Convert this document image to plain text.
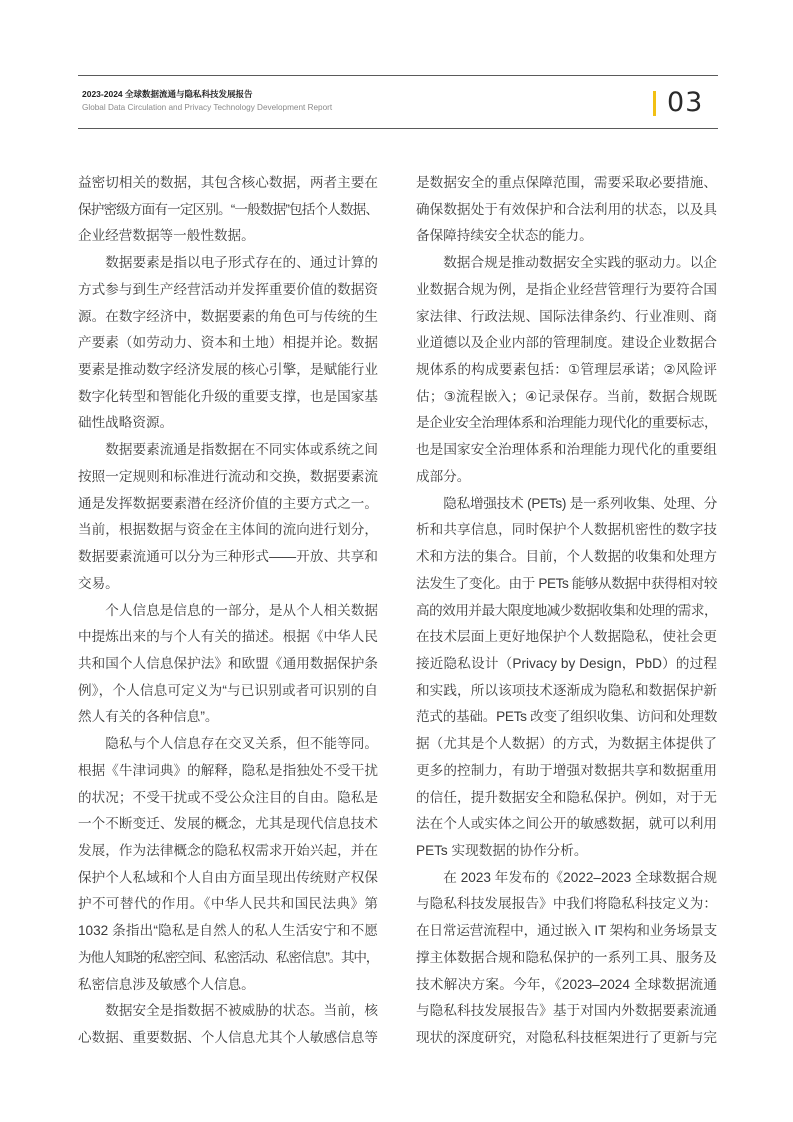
2023-2024 全球数据流通与隐私科技发展报告
Global Data Circulation and Privacy Technology Development Report	03
益密切相关的数据，其包含核心数据，两者主要在
保护密级方面有一定区别。“一般数据”包括个人数据、
企业经营数据等一般性数据。
数据要素是指以电子形式存在的、通过计算的
方式参与到生产经营活动并发挥重要价值的数据资
源。在数字经济中，数据要素的角色可与传统的生
产要素（如劳动力、资本和土地）相提并论。数据
要素是推动数字经济发展的核心引擎，是赋能行业
数字化转型和智能化升级的重要支撑，也是国家基
础性战略资源。
数据要素流通是指数据在不同实体或系统之间
按照一定规则和标准进行流动和交换，数据要素流
通是发挥数据要素潜在经济价值的主要方式之一。
当前，根据数据与资金在主体间的流向进行划分，
数据要素流通可以分为三种形式——开放、共享和
交易。
个人信息是信息的一部分，是从个人相关数据
中提炼出来的与个人有关的描述。根据《中华人民
共和国个人信息保护法》和欧盟《通用数据保护条
例》，个人信息可定义为“与已识别或者可识别的自
然人有关的各种信息”。
隐私与个人信息存在交叉关系，但不能等同。
根据《牛津词典》的解释，隐私是指独处不受干扰
的状况；不受干扰或不受公众注目的自由。隐私是
一个不断变迁、发展的概念，尤其是现代信息技术
发展，作为法律概念的隐私权需求开始兴起，并在
保护个人私域和个人自由方面呈现出传统财产权保
护不可替代的作用。《中华人民共和国民法典》第
1032 条指出“隐私是自然人的私人生活安宁和不愿
为他人知晓的私密空间、私密活动、私密信息”。其中，
私密信息涉及敏感个人信息。
数据安全是指数据不被威胁的状态。当前，核
心数据、重要数据、个人信息尤其个人敏感信息等
是数据安全的重点保障范围，需要采取必要措施、
确保数据处于有效保护和合法利用的状态，以及具
备保障持续安全状态的能力。
数据合规是推动数据安全实践的驱动力。以企
业数据合规为例，是指企业经营管理行为要符合国
家法律、行政法规、国际法律条约、行业准则、商
业道德以及企业内部的管理制度。建设企业数据合
规体系的构成要素包括：①管理层承诺；②风险评
估；③流程嵌入；④记录保存。当前，数据合规既
是企业安全治理体系和治理能力现代化的重要标志，
也是国家安全治理体系和治理能力现代化的重要组
成部分。
隐私增强技术 (PETs) 是一系列收集、处理、分
析和共享信息，同时保护个人数据机密性的数字技
术和方法的集合。目前，个人数据的收集和处理方
法发生了变化。由于 PETs 能够从数据中获得相对较
高的效用并最大限度地减少数据收集和处理的需求，
在技术层面上更好地保护个人数据隐私，使社会更
接近隐私设计（Privacy by Design，PbD）的过程
和实践，所以该项技术逐渐成为隐私和数据保护新
范式的基础。PETs 改变了组织收集、访问和处理数
据（尤其是个人数据）的方式，为数据主体提供了
更多的控制力，有助于增强对数据共享和数据重用
的信任，提升数据安全和隐私保护。例如，对于无
法在个人或实体之间公开的敏感数据，就可以利用
PETs 实现数据的协作分析。
在 2023 年发布的《2022–2023 全球数据合规
与隐私科技发展报告》中我们将隐私科技定义为：
在日常运营流程中，通过嵌入 IT 架构和业务场景支
撑主体数据合规和隐私保护的一系列工具、服务及
技术解决方案。今年，《2023–2024 全球数据流通
与隐私科技发展报告》基于对国内外数据要素流通
现状的深度研究，对隐私科技框架进行了更新与完
